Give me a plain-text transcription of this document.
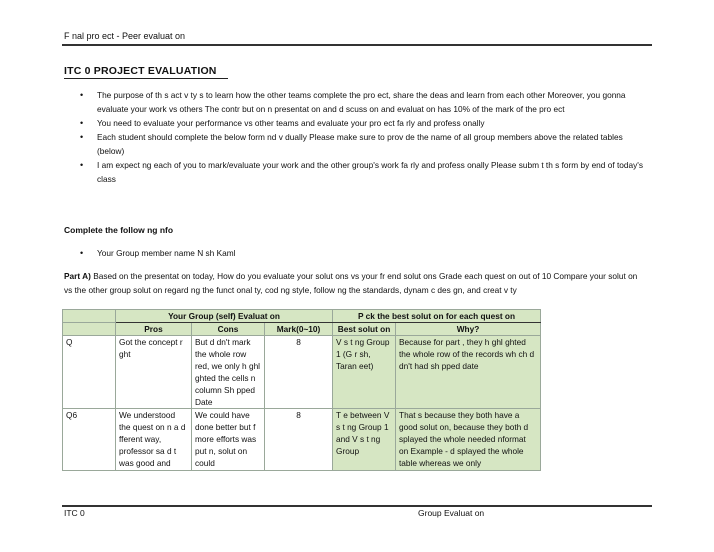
F nal pro ect - Peer evaluat on
ITC 0 PROJECT EVALUATION
• The purpose of th s act v ty s to learn how the other teams complete the pro ect, share the deas and learn from each other Moreover, you gonna evaluate your work vs others The contr but on n presentat on and d scuss on and evaluat on has 10% of the mark of the pro ect
• You need to evaluate your performance vs other teams and evaluate your pro ect fa rly and profess onally
• Each student should complete the below form nd v dually Please make sure to prov de the name of all group members above the related tables (below)
• I am expect ng each of you to mark/evaluate your work and the other group's work fa rly and profess onally Please subm t th s form by end of today's class
Complete the follow ng nfo
• Your Group member name N sh Kaml
Part A) Based on the presentat on today, How do you evaluate your solut ons vs your fr end solut ons Grade each quest on out of 10 Compare your solut on vs the other group solut on regard ng the funct onal ty, cod ng style, follow ng the standards, dynam c des gn, and creat v ty
	Your Group (self) Evaluat on			P ck the best solut on for each quest on	
	Pros	Cons	Mark(0~10)	Best solut on	Why?
Q	Got the concept r ght	But d dn't mark the whole row red, we only h ghl ghted the cells n column Sh pped Date	8	V s t ng Group 1 (G r sh, Taran eet)	Because for part , they h ghl ghted the whole row of the records wh ch d dn't had sh pped date
Q6	We understood the quest on n a d fferent way, professor sa d t was good and	We could have done better but f more efforts was put n, solut on could	8	T e between V s t ng Group 1 and V s t ng Group	That s because they both have a good solut on, because they both d splayed the whole needed nformat on Example - d splayed the whole table whereas we only
ITC 0	Group Evaluat on
